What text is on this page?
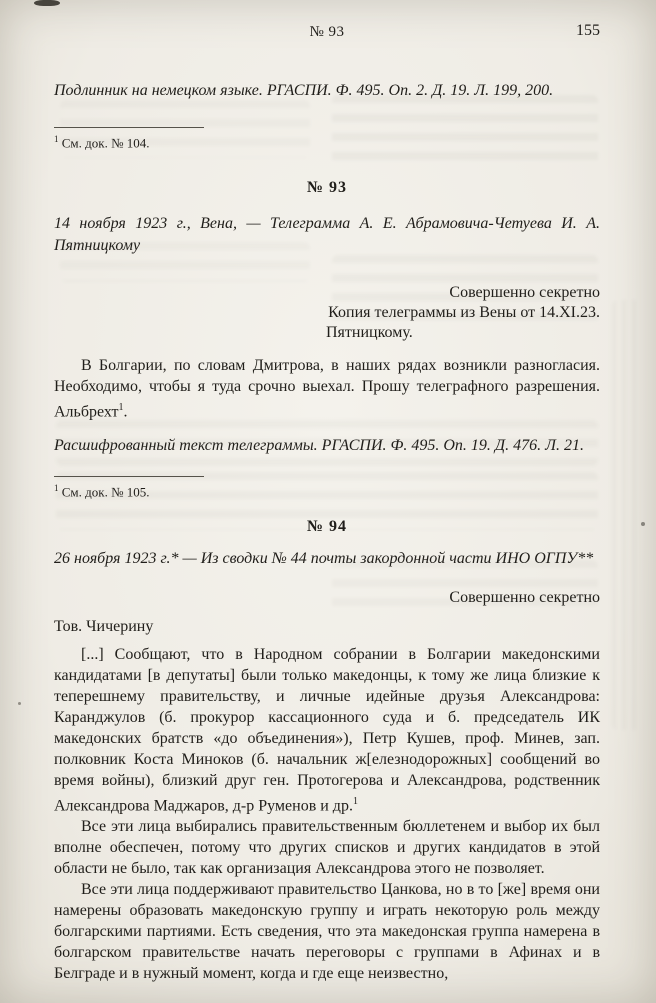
№ 93	155

Подлинник на немецком языке. РГАСПИ. Ф. 495. Оп. 2. Д. 19. Л. 199, 200.

$^1$ См. док. № 104.

№ 93

14 ноября 1923 г., Вена, — Телеграмма А. Е. Абрамовича-Четуева И. А. Пятницкому

Совершенно секретно
Копия телеграммы из Вены от 14.XI.23.
Пятницкому.

В Болгарии, по словам Дмитрова, в наших рядах возникли разногласия. Необходимо, чтобы я туда срочно выехал. Прошу телеграфного разрешения. Альбрехт$^1$.

Расшифрованный текст телеграммы. РГАСПИ. Ф. 495. Оп. 19. Д. 476. Л. 21.

$^1$ См. док. № 105.

№ 94

26 ноября 1923 г.* — Из сводки № 44 почты закордонной части ИНО ОГПУ**

Совершенно секретно

Тов. Чичерину

[...] Сообщают, что в Народном собрании в Болгарии македонскими кандидатами [в депутаты] были только македонцы, к тому же лица близкие к теперешнему правительству, и личные идейные друзья Александрова: Каранджулов (б. прокурор кассационного суда и б. председатель ИК македонских братств «до объединения»), Петр Кушев, проф. Минев, зап. полковник Коста Миноков (б. начальник ж[елезнодорожных] сообщений во время войны), близкий друг ген. Протогерова и Александрова, родственник Александрова Маджаров, д-р Руменов и др.$^1$

Все эти лица выбирались правительственным бюллетенем и выбор их был вполне обеспечен, потому что других списков и других кандидатов в этой области не было, так как организация Александрова этого не позволяет.

Все эти лица поддерживают правительство Цанкова, но в то [же] время они намерены образовать македонскую группу и играть некоторую роль между болгарскими партиями. Есть сведения, что эта македонская группа намерена в болгарском правительстве начать переговоры с группами в Афинах и в Белграде и в нужный момент, когда и где еще неизвестно,
